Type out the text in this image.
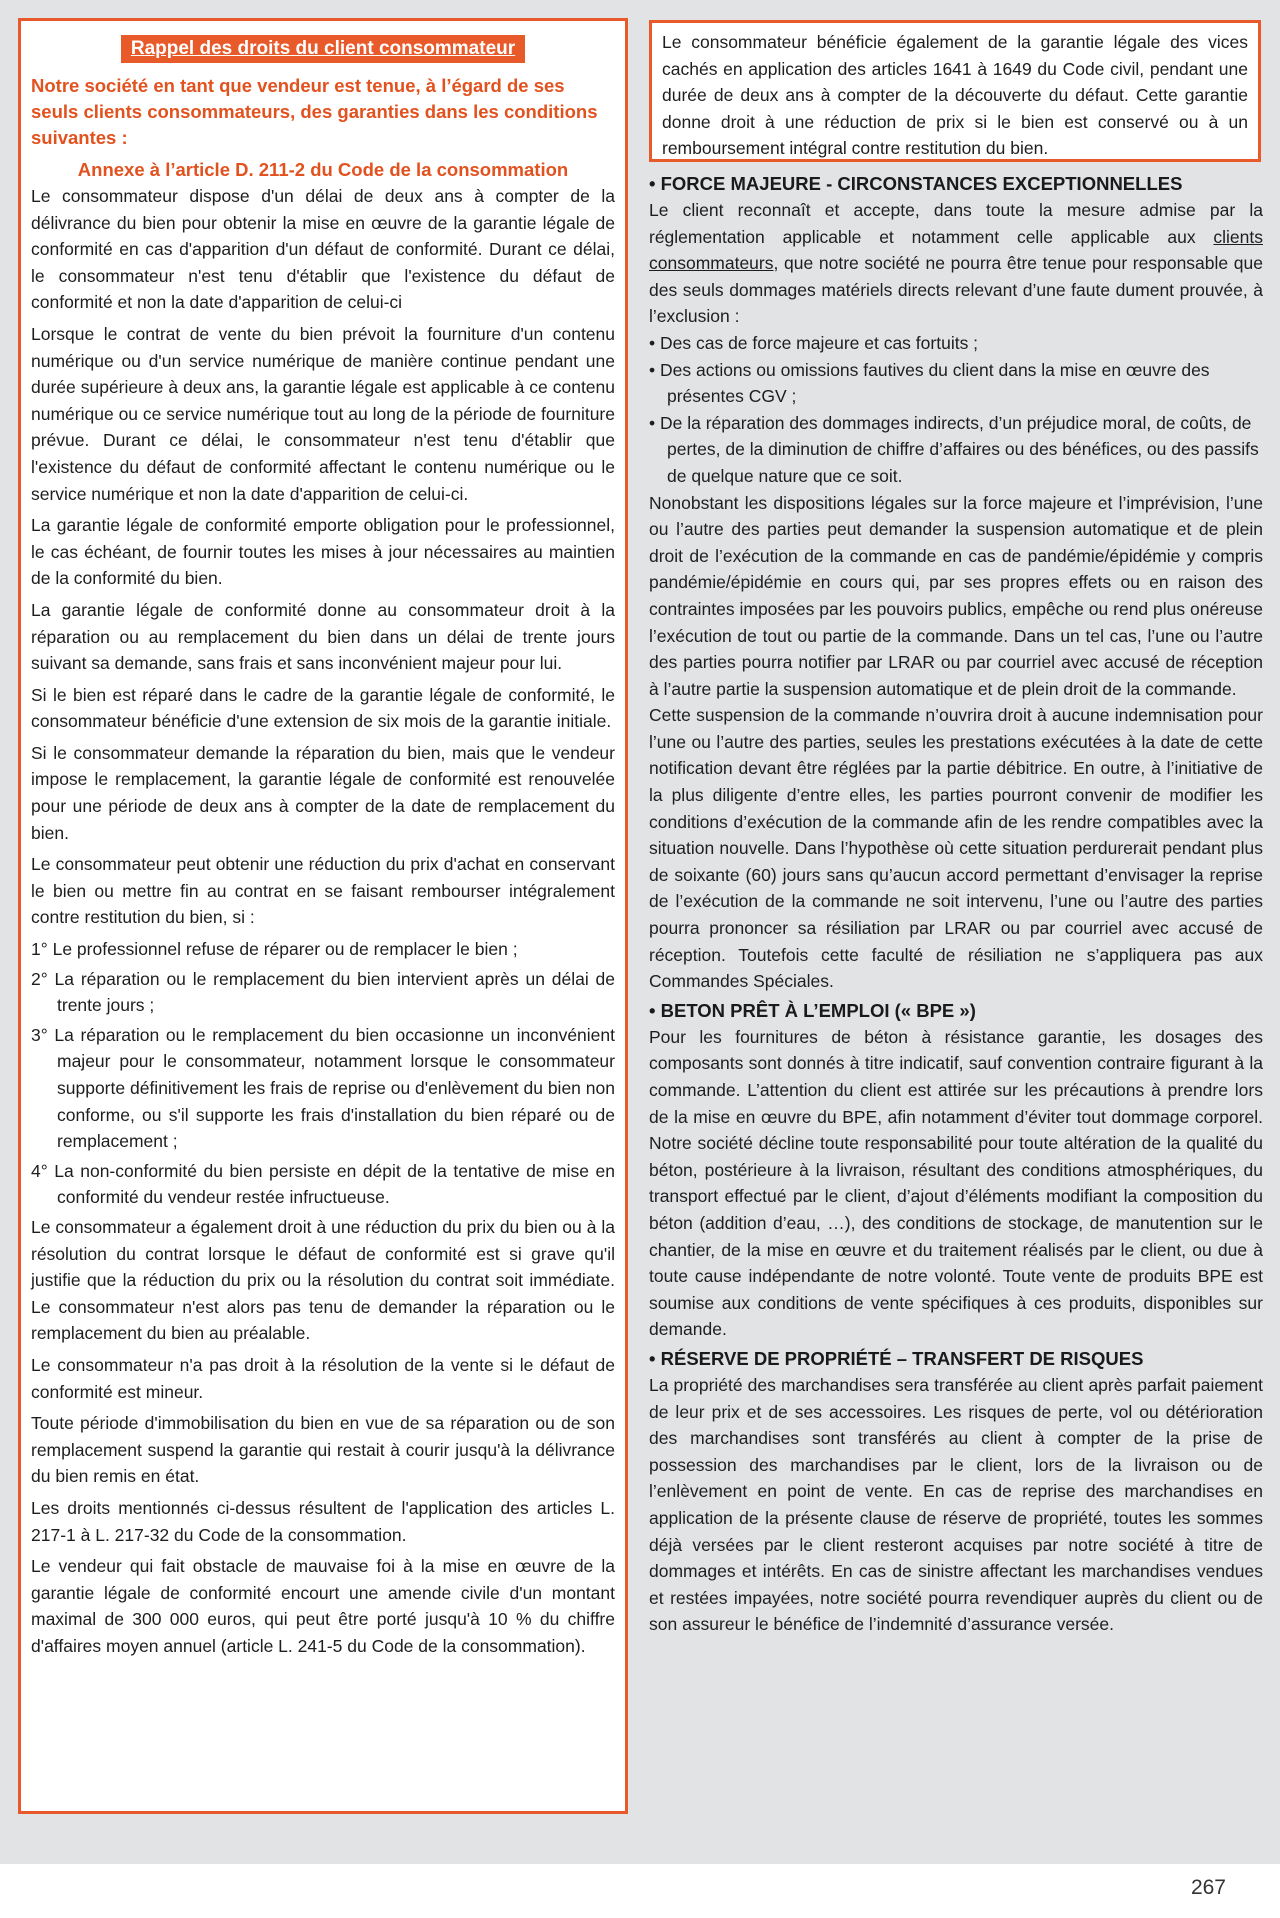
Rappel des droits du client consommateur

Notre société en tant que vendeur est tenue, à l’égard de ses seuls clients consommateurs, des garanties dans les conditions suivantes :

Annexe à l’article D. 211-2 du Code de la consommation

Le consommateur dispose d'un délai de deux ans à compter de la délivrance du bien pour obtenir la mise en œuvre de la garantie légale de conformité en cas d'apparition d'un défaut de conformité. Durant ce délai, le consommateur n'est tenu d'établir que l'existence du défaut de conformité et non la date d'apparition de celui-ci

Lorsque le contrat de vente du bien prévoit la fourniture d'un contenu numérique ou d'un service numérique de manière continue pendant une durée supérieure à deux ans, la garantie légale est applicable à ce contenu numérique ou ce service numérique tout au long de la période de fourniture prévue. Durant ce délai, le consommateur n'est tenu d'établir que l'existence du défaut de conformité affectant le contenu numérique ou le service numérique et non la date d'apparition de celui-ci.

La garantie légale de conformité emporte obligation pour le professionnel, le cas échéant, de fournir toutes les mises à jour nécessaires au maintien de la conformité du bien.

La garantie légale de conformité donne au consommateur droit à la réparation ou au remplacement du bien dans un délai de trente jours suivant sa demande, sans frais et sans inconvénient majeur pour lui.

Si le bien est réparé dans le cadre de la garantie légale de conformité, le consommateur bénéficie d'une extension de six mois de la garantie initiale.

Si le consommateur demande la réparation du bien, mais que le vendeur impose le remplacement, la garantie légale de conformité est renouvelée pour une période de deux ans à compter de la date de remplacement du bien.

Le consommateur peut obtenir une réduction du prix d'achat en conservant le bien ou mettre fin au contrat en se faisant rembourser intégralement contre restitution du bien, si :

1° Le professionnel refuse de réparer ou de remplacer le bien ;

2° La réparation ou le remplacement du bien intervient après un délai de trente jours ;

3° La réparation ou le remplacement du bien occasionne un inconvénient majeur pour le consommateur, notamment lorsque le consommateur supporte définitivement les frais de reprise ou d'enlèvement du bien non conforme, ou s'il supporte les frais d'installation du bien réparé ou de remplacement ;

4° La non-conformité du bien persiste en dépit de la tentative de mise en conformité du vendeur restée infructueuse.

Le consommateur a également droit à une réduction du prix du bien ou à la résolution du contrat lorsque le défaut de conformité est si grave qu'il justifie que la réduction du prix ou la résolution du contrat soit immédiate. Le consommateur n'est alors pas tenu de demander la réparation ou le remplacement du bien au préalable.

Le consommateur n'a pas droit à la résolution de la vente si le défaut de conformité est mineur.

Toute période d'immobilisation du bien en vue de sa réparation ou de son remplacement suspend la garantie qui restait à courir jusqu'à la délivrance du bien remis en état.

Les droits mentionnés ci-dessus résultent de l'application des articles L. 217-1 à L. 217-32 du Code de la consommation.

Le vendeur qui fait obstacle de mauvaise foi à la mise en œuvre de la garantie légale de conformité encourt une amende civile d'un montant maximal de 300 000 euros, qui peut être porté jusqu'à 10 % du chiffre d'affaires moyen annuel (article L. 241-5 du Code de la consommation).

Le consommateur bénéficie également de la garantie légale des vices cachés en application des articles 1641 à 1649 du Code civil, pendant une durée de deux ans à compter de la découverte du défaut. Cette garantie donne droit à une réduction de prix si le bien est conservé ou à un remboursement intégral contre restitution du bien.

• FORCE MAJEURE - CIRCONSTANCES EXCEPTIONNELLES

Le client reconnaît et accepte, dans toute la mesure admise par la réglementation applicable et notamment celle applicable aux clients consommateurs, que notre société ne pourra être tenue pour responsable que des seuls dommages matériels directs relevant d’une faute dument prouvée, à l’exclusion :

• Des cas de force majeure et cas fortuits ;

• Des actions ou omissions fautives du client dans la mise en œuvre des présentes CGV ;

• De la réparation des dommages indirects, d’un préjudice moral, de coûts, de pertes, de la diminution de chiffre d’affaires ou des bénéfices, ou des passifs de quelque nature que ce soit.

Nonobstant les dispositions légales sur la force majeure et l’imprévision, l’une ou l’autre des parties peut demander la suspension automatique et de plein droit de l’exécution de la commande en cas de pandémie/épidémie y compris pandémie/épidémie en cours qui, par ses propres effets ou en raison des contraintes imposées par les pouvoirs publics, empêche ou rend plus onéreuse l’exécution de tout ou partie de la commande. Dans un tel cas, l’une ou l’autre des parties pourra notifier par LRAR ou par courriel avec accusé de réception à l’autre partie la suspension automatique et de plein droit de la commande.

Cette suspension de la commande n’ouvrira droit à aucune indemnisation pour l’une ou l’autre des parties, seules les prestations exécutées à la date de cette notification devant être réglées par la partie débitrice. En outre, à l’initiative de la plus diligente d’entre elles, les parties pourront convenir de modifier les conditions d’exécution de la commande afin de les rendre compatibles avec la situation nouvelle. Dans l’hypothèse où cette situation perdurerait pendant plus de soixante (60) jours sans qu’aucun accord permettant d’envisager la reprise de l’exécution de la commande ne soit intervenu, l’une ou l’autre des parties pourra prononcer sa résiliation par LRAR ou par courriel avec accusé de réception. Toutefois cette faculté de résiliation ne s’appliquera pas aux Commandes Spéciales.

• BETON PRÊT À L’EMPLOI (« BPE »)

Pour les fournitures de béton à résistance garantie, les dosages des composants sont donnés à titre indicatif, sauf convention contraire figurant à la commande. L’attention du client est attirée sur les précautions à prendre lors de la mise en œuvre du BPE, afin notamment d’éviter tout dommage corporel. Notre société décline toute responsabilité pour toute altération de la qualité du béton, postérieure à la livraison, résultant des conditions atmosphériques, du transport effectué par le client, d’ajout d’éléments modifiant la composition du béton (addition d’eau, …), des conditions de stockage, de manutention sur le chantier, de la mise en œuvre et du traitement réalisés par le client, ou due à toute cause indépendante de notre volonté. Toute vente de produits BPE est soumise aux conditions de vente spécifiques à ces produits, disponibles sur demande.

• RÉSERVE DE PROPRIÉTÉ – TRANSFERT DE RISQUES

La propriété des marchandises sera transférée au client après parfait paiement de leur prix et de ses accessoires. Les risques de perte, vol ou détérioration des marchandises sont transférés au client à compter de la prise de possession des marchandises par le client, lors de la livraison ou de l’enlèvement en point de vente. En cas de reprise des marchandises en application de la présente clause de réserve de propriété, toutes les sommes déjà versées par le client resteront acquises par notre société à titre de dommages et intérêts. En cas de sinistre affectant les marchandises vendues et restées impayées, notre société pourra revendiquer auprès du client ou de son assureur le bénéfice de l’indemnité d’assurance versée.

267
